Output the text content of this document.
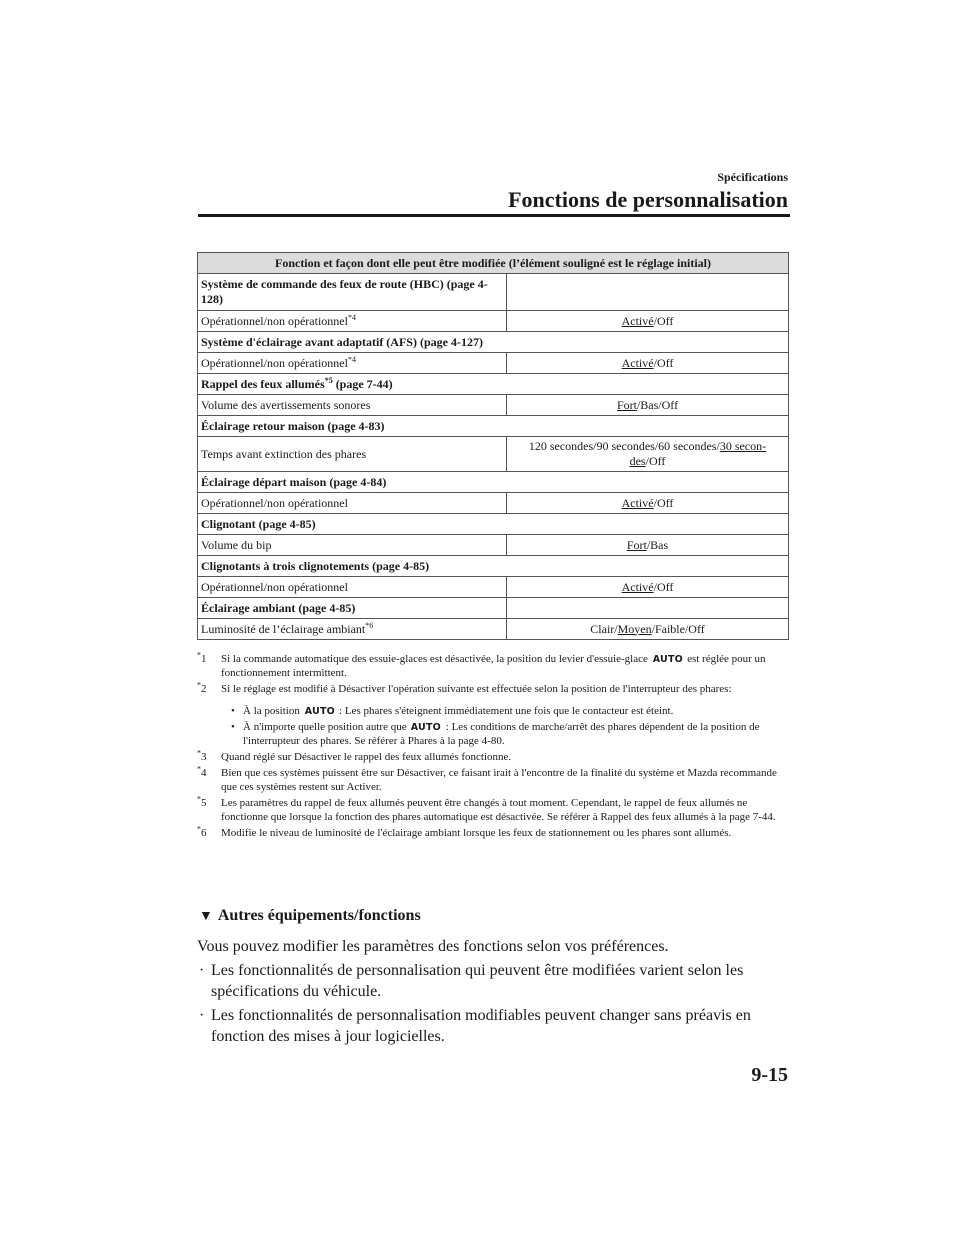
Spécifications
Fonctions de personnalisation
Fonction et façon dont elle peut être modifiée (l’élément souligné est le réglage initial)	
Système de commande des feux de route (HBC) (page 4-128)	
Opérationnel/non opérationnel$^{*4}$	Activé/Off
Système d'éclairage avant adaptatif (AFS) (page 4-127)	
Opérationnel/non opérationnel$^{*4}$	Activé/Off
Rappel des feux allumés$^{*5}$ (page 7-44)	
Volume des avertissements sonores	Fort/Bas/Off
Éclairage retour maison (page 4-83)	
Temps avant extinction des phares	120 secondes/90 secondes/60 secondes/30 secon-
des/Off
Éclairage départ maison (page 4-84)	
Opérationnel/non opérationnel	Activé/Off
Clignotant (page 4-85)	
Volume du bip	Fort/Bas
Clignotants à trois clignotements (page 4-85)	
Opérationnel/non opérationnel	Activé/Off
Éclairage ambiant (page 4-85)	
Luminosité de l’éclairage ambiant$^{*6}$	Clair/Moyen/Faible/Off
*1 Si la commande automatique des essuie-glaces est désactivée, la position du levier d'essuie-glace AUTO est réglée pour un fonctionnement intermittent.
*2 Si le réglage est modifié à Désactiver l'opération suivante est effectuée selon la position de l'interrupteur des phares:
• À la position AUTO : Les phares s'éteignent immédiatement une fois que le contacteur est éteint.
• À n'importe quelle position autre que AUTO : Les conditions de marche/arrêt des phares dépendent de la position de l'interrupteur des phares. Se référer à Phares à la page 4-80.
*3 Quand réglé sur Désactiver le rappel des feux allumés fonctionne.
*4 Bien que ces systèmes puissent être sur Désactiver, ce faisant irait à l'encontre de la finalité du système et Mazda recommande que ces systèmes restent sur Activer.
*5 Les paramètres du rappel de feux allumés peuvent être changés à tout moment. Cependant, le rappel de feux allumés ne fonctionne que lorsque la fonction des phares automatique est désactivée. Se référer à Rappel des feux allumés à la page 7-44.
*6 Modifie le niveau de luminosité de l'éclairage ambiant lorsque les feux de stationnement ou les phares sont allumés.
▼ Autres équipements/fonctions
Vous pouvez modifier les paramètres des fonctions selon vos préférences.
· Les fonctionnalités de personnalisation qui peuvent être modifiées varient selon les spécifications du véhicule.
· Les fonctionnalités de personnalisation modifiables peuvent changer sans préavis en fonction des mises à jour logicielles.
9-15
